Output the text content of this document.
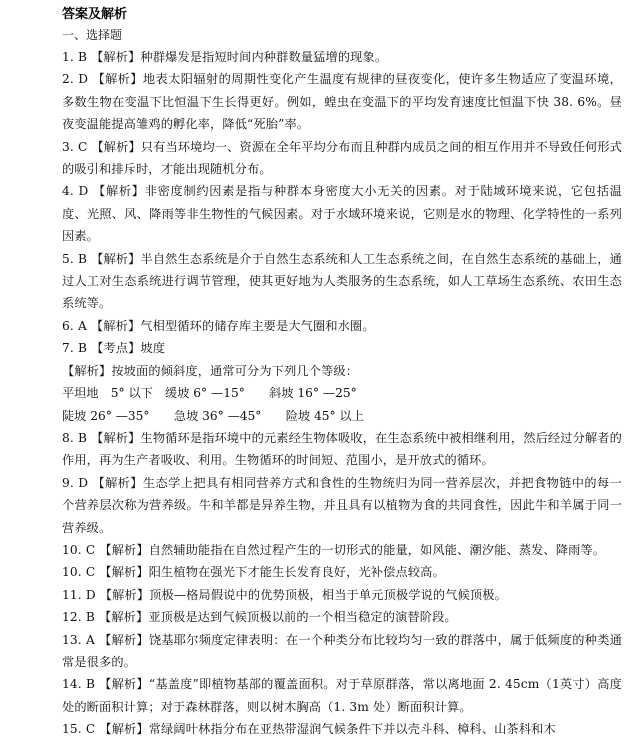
答案及解析

一、选择题

1. B 【解析】种群爆发是指短时间内种群数量猛增的现象。

2. D 【解析】地表太阳辐射的周期性变化产生温度有规律的昼夜变化，使许多生物适应了变温环境，多数生物在变温下比恒温下生长得更好。例如，蝗虫在变温下的平均发育速度比恒温下快 38. 6%。昼夜变温能提高雏鸡的孵化率，降低“死胎”率。

3. C 【解析】只有当环境均一、资源在全年平均分布而且种群内成员之间的相互作用并不导致任何形式的吸引和排斥时，才能出现随机分布。

4. D 【解析】非密度制约因素是指与种群本身密度大小无关的因素。对于陆域环境来说，它包括温度、光照、风、降雨等非生物性的气候因素。对于水域环境来说，它则是水的物理、化学特性的一系列因素。

5. B 【解析】半自然生态系统是介于自然生态系统和人工生态系统之间，在自然生态系统的基础上，通过人工对生态系统进行调节管理，使其更好地为人类服务的生态系统，如人工草场生态系统、农田生态系统等。

6. A 【解析】气相型循环的储存库主要是大气圈和水圈。

7. B 【考点】坡度

【解析】按坡面的倾斜度，通常可分为下列几个等级：

平坦地　5° 以下　缓坡 6° —15°　　斜坡 16° —25°

陡坡 26° —35°　　急坡 36° —45°　　险坡 45° 以上

8. B 【解析】生物循环是指环境中的元素经生物体吸收，在生态系统中被相继利用，然后经过分解者的作用，再为生产者吸收、利用。生物循环的时间短、范围小，是开放式的循环。

9. D 【解析】生态学上把具有相同营养方式和食性的生物统归为同一营养层次，并把食物链中的每一个营养层次称为营养级。牛和羊都是异养生物，并且具有以植物为食的共同食性，因此牛和羊属于同一营养级。

10. C 【解析】自然辅助能指在自然过程产生的一切形式的能量，如风能、潮汐能、蒸发、降雨等。

10. C 【解析】阳生植物在强光下才能生长发育良好，光补偿点较高。

11. D 【解析】顶极—格局假说中的优势顶极，相当于单元顶极学说的气候顶极。

12. B 【解析】亚顶极是达到气候顶极以前的一个相当稳定的演替阶段。

13. A 【解析】饶基耶尔频度定律表明：在一个种类分布比较均匀一致的群落中，属于低频度的种类通常是很多的。

14. B 【解析】“基盖度”即植物基部的覆盖面积。对于草原群落，常以离地面 2. 45cm（1英寸）高度处的断面积计算；对于森林群落，则以树木胸高（1. 3m 处）断面积计算。

15. C 【解析】常绿阔叶林指分布在亚热带湿润气候条件下并以壳斗科、樟科、山茶科和木
